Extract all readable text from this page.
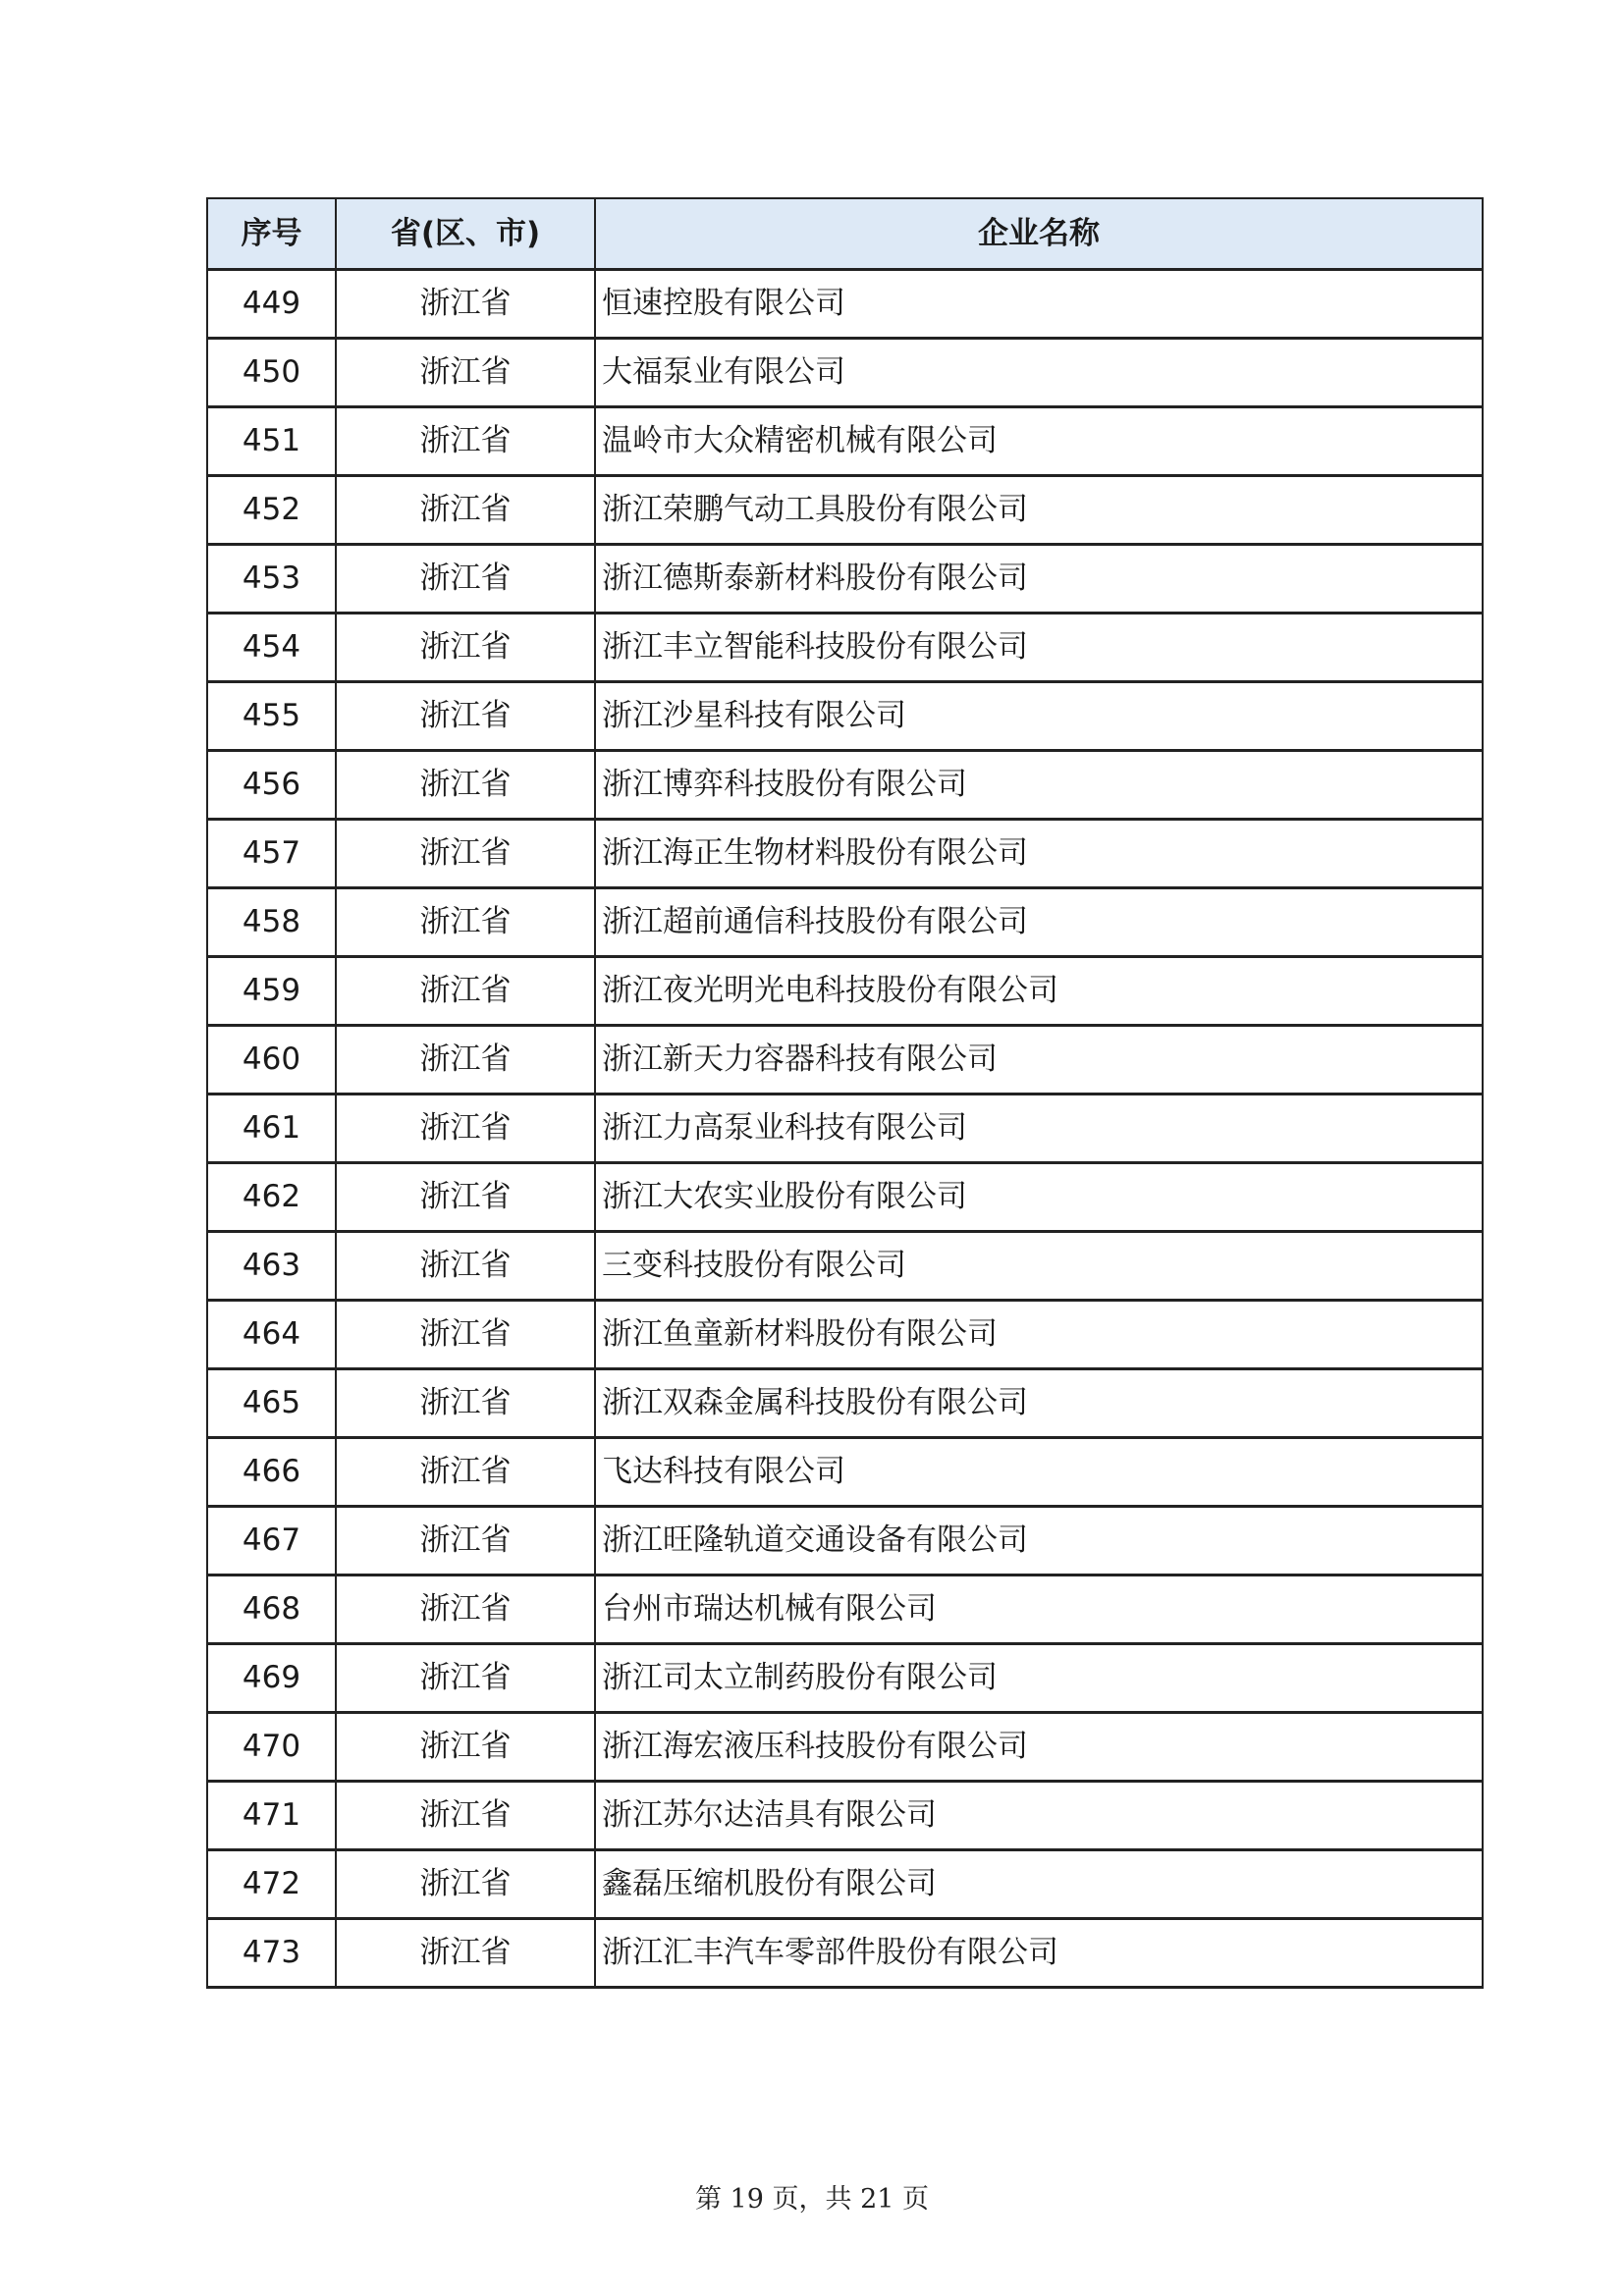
序号	省(区、市)	企业名称
449	浙江省	恒速控股有限公司
450	浙江省	大福泵业有限公司
451	浙江省	温岭市大众精密机械有限公司
452	浙江省	浙江荣鹏气动工具股份有限公司
453	浙江省	浙江德斯泰新材料股份有限公司
454	浙江省	浙江丰立智能科技股份有限公司
455	浙江省	浙江沙星科技有限公司
456	浙江省	浙江博弈科技股份有限公司
457	浙江省	浙江海正生物材料股份有限公司
458	浙江省	浙江超前通信科技股份有限公司
459	浙江省	浙江夜光明光电科技股份有限公司
460	浙江省	浙江新天力容器科技有限公司
461	浙江省	浙江力高泵业科技有限公司
462	浙江省	浙江大农实业股份有限公司
463	浙江省	三变科技股份有限公司
464	浙江省	浙江鱼童新材料股份有限公司
465	浙江省	浙江双森金属科技股份有限公司
466	浙江省	飞达科技有限公司
467	浙江省	浙江旺隆轨道交通设备有限公司
468	浙江省	台州市瑞达机械有限公司
469	浙江省	浙江司太立制药股份有限公司
470	浙江省	浙江海宏液压科技股份有限公司
471	浙江省	浙江苏尔达洁具有限公司
472	浙江省	鑫磊压缩机股份有限公司
473	浙江省	浙江汇丰汽车零部件股份有限公司
第 19 页，共 21 页
